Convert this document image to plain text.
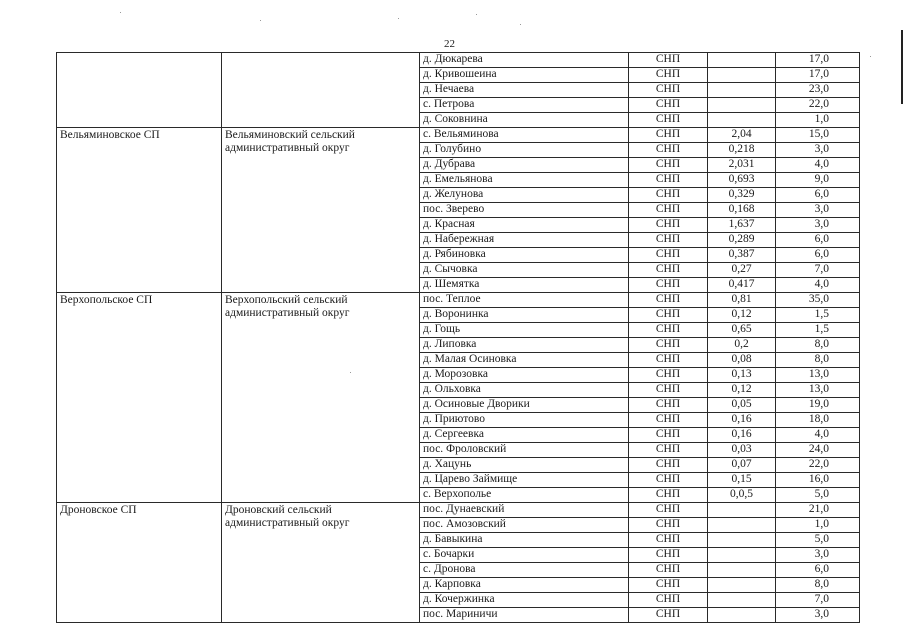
22
		д. Дюкарева	СНП		17,0
		д. Кривошеина	СНП		17,0
		д. Нечаева	СНП		23,0
		с. Петрова	СНП		22,0
		д. Соковнина	СНП		1,0
Вельяминовское СП	Вельяминовский сельский административный округ	с. Вельяминова	СНП	2,04	15,0
		д. Голубино	СНП	0,218	3,0
		д. Дубрава	СНП	2,031	4,0
		д. Емельянова	СНП	0,693	9,0
		д. Желунова	СНП	0,329	6,0
		пос. Зверево	СНП	0,168	3,0
		д. Красная	СНП	1,637	3,0
		д. Набережная	СНП	0,289	6,0
		д. Рябиновка	СНП	0,387	6,0
		д. Сычовка	СНП	0,27	7,0
		д. Шемятка	СНП	0,417	4,0
Верхопольское СП	Верхопольский сельский административный округ	пос. Теплое	СНП	0,81	35,0
		д. Воронинка	СНП	0,12	1,5
		д. Гощь	СНП	0,65	1,5
		д. Липовка	СНП	0,2	8,0
		д. Малая Осиновка	СНП	0,08	8,0
		д. Морозовка	СНП	0,13	13,0
		д. Ольховка	СНП	0,12	13,0
		д. Осиновые Дворики	СНП	0,05	19,0
		д. Приютово	СНП	0,16	18,0
		д. Сергеевка	СНП	0,16	4,0
		пос. Фроловский	СНП	0,03	24,0
		д. Хацунь	СНП	0,07	22,0
		д. Царево Займище	СНП	0,15	16,0
		с. Верхополье	СНП	0,0,5	5,0
Дроновское СП	Дроновский сельский административный округ	пос. Дунаевский	СНП		21,0
		пос. Амозовский	СНП		1,0
		д. Бавыкина	СНП		5,0
		с. Бочарки	СНП		3,0
		с. Дронова	СНП		6,0
		д. Карповка	СНП		8,0
		д. Кочержинка	СНП		7,0
		пос. Мариничи	СНП		3,0
